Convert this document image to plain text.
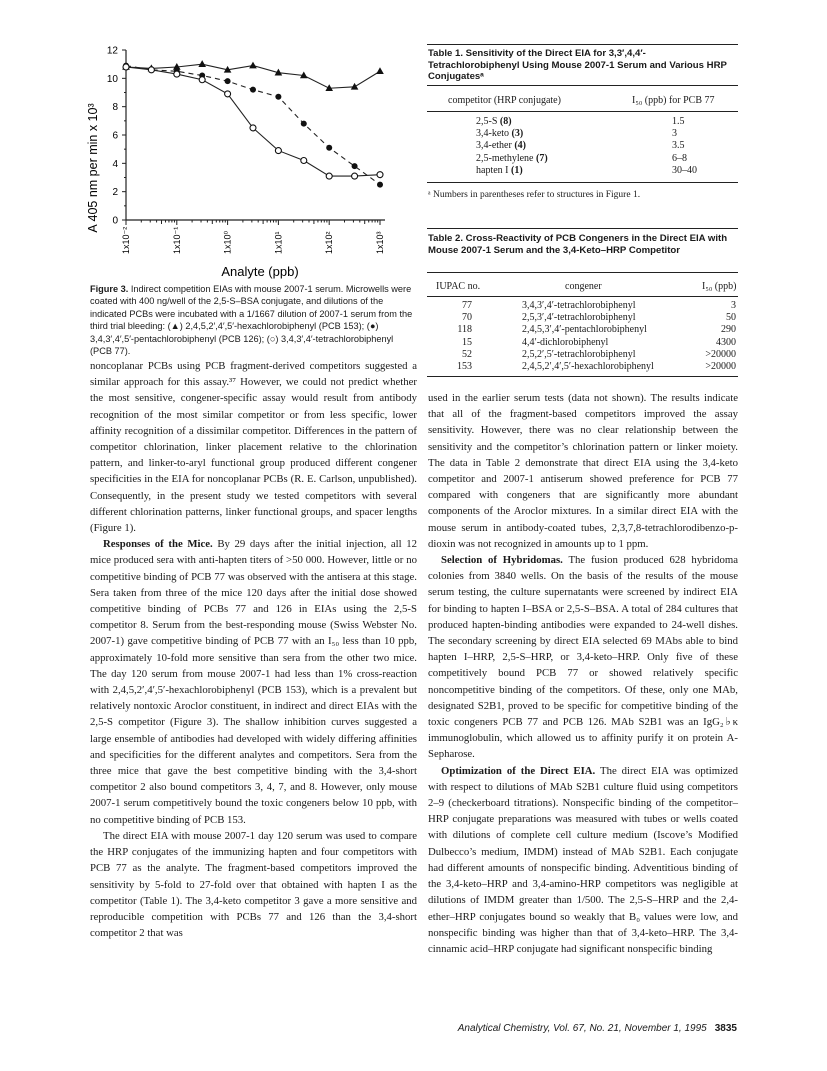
0
2
4
6
8
10
12
1x10⁻²	1x10⁻¹	1x10⁰	1x10¹	1x10²	1x10³
A 405 nm per min x 10³
Analyte (ppb)
Figure 3. Indirect competition EIAs with mouse 2007-1 serum. Microwells were coated with 400 ng/well of the 2,5-S–BSA conjugate, and dilutions of the indicated PCBs were incubated with a 1/1667 dilution of 2007-1 serum from the third trial bleeding: (▲) 2,4,5,2′,4′,5′-hexachlorobiphenyl (PCB 153); (●) 3,4,3′,4′,5′-pentachlorobiphenyl (PCB 126); (○) 3,4,3′,4′-tetrachlorobiphenyl (PCB 77).
Table 1. Sensitivity of the Direct EIA for 3,3′,4,4′-Tetrachlorobiphenyl Using Mouse 2007-1 Serum and Various HRP Conjugatesᵃ
competitor (HRP conjugate)	I₅₀ (ppb) for PCB 77
2,5-S (8)	1.5
3,4-keto (3)	3
3,4-ether (4)	3.5
2,5-methylene (7)	6–8
hapten I (1)	30–40
ᵃ Numbers in parentheses refer to structures in Figure 1.
Table 2. Cross-Reactivity of PCB Congeners in the Direct EIA with Mouse 2007-1 Serum and the 3,4-Keto–HRP Competitor
IUPAC no.	congener	I₅₀ (ppb)
77	3,4,3′,4′-tetrachlorobiphenyl	3
70	2,5,3′,4′-tetrachlorobiphenyl	50
118	2,4,5,3′,4′-pentachlorobiphenyl	290
15	4,4′-dichlorobiphenyl	4300
52	2,5,2′,5′-tetrachlorobiphenyl	>20000
153	2,4,5,2′,4′,5′-hexachlorobiphenyl	>20000

noncoplanar PCBs using PCB fragment-derived competitors suggested a similar approach for this assay.³⁷ However, we could not predict whether the most sensitive, congener-specific assay would result from antibody recognition of the most similar competitor or from less specific, lower affinity recognition of a dissimilar competitor. Differences in the pattern of competitor chlorination, linker placement relative to the chlorination pattern, and linker-to-aryl functional group produced different congener specificities in the EIA for noncoplanar PCBs (R. E. Carlson, unpublished). Consequently, in the present study we tested competitors with several different chlorination patterns, linker functional groups, and spacer lengths (Figure 1).

Responses of the Mice. By 29 days after the initial injection, all 12 mice produced sera with anti-hapten titers of >50 000. However, little or no competitive binding of PCB 77 was observed with the antisera at this stage. Sera taken from three of the mice 120 days after the initial dose showed competitive binding of PCBs 77 and 126 in EIAs using the 2,5-S competitor 8. Serum from the best-responding mouse (Swiss Webster No. 2007-1) gave competitive binding of PCB 77 with an I₅₀ less than 10 ppb, approximately 10-fold more sensitive than sera from the other two mice. The day 120 serum from mouse 2007-1 had less than 1% cross-reaction with 2,4,5,2′,4′,5′-hexachlorobiphenyl (PCB 153), which is a prevalent but relatively nontoxic Aroclor constituent, in indirect and direct EIAs with the 2,5-S competitor (Figure 3). The shallow inhibition curves suggested a large ensemble of antibodies had developed with widely differing affinities and specificities for the different analytes and competitors. Sera from the three mice that gave the best competitive binding with the 3,4-short competitor 2 also bound competitors 3, 4, 7, and 8. However, only mouse 2007-1 serum competitively bound the toxic congeners below 10 ppb, with no competitive binding of PCB 153.

The direct EIA with mouse 2007-1 day 120 serum was used to compare the HRP conjugates of the immunizing hapten and four competitors with PCB 77 as the analyte. The fragment-based competitors improved the sensitivity by 5-fold to 27-fold over that obtained with hapten I as the competitor (Table 1). The 3,4-keto competitor 3 gave a more sensitive and reproducible competition with PCBs 77 and 126 than the 3,4-short competitor 2 that was

used in the earlier serum tests (data not shown). The results indicate that all of the fragment-based competitors improved the assay sensitivity. However, there was no clear relationship between the sensitivity and the competitor’s chlorination pattern or linker moiety. The data in Table 2 demonstrate that direct EIA using the 3,4-keto competitor and 2007-1 antiserum showed preference for PCB 77 compared with congeners that are significantly more abundant components of the Aroclor mixtures. In a similar direct EIA with the mouse serum in antibody-coated tubes, 2,3,7,8-tetrachlorodibenzo-p-dioxin was not recognized in amounts up to 1 ppm.

Selection of Hybridomas. The fusion produced 628 hybridoma colonies from 3840 wells. On the basis of the results of the mouse serum testing, the culture supernatants were screened by indirect EIA for binding to hapten I–BSA or 2,5-S–BSA. A total of 284 cultures that produced hapten-binding antibodies were expanded to 24-well dishes. The secondary screening by direct EIA selected 69 MAbs able to bind hapten I–HRP, 2,5-S–HRP, or 3,4-keto–HRP. Only five of these competitively bound PCB 77 or showed relatively specific noncompetitive binding of the competitors. Of these, only one MAb, designated S2B1, proved to be specific for competitive binding of the toxic congeners PCB 77 and PCB 126. MAb S2B1 was an IgG₂♭κ immunoglobulin, which allowed us to affinity purify it on protein A-Sepharose.

Optimization of the Direct EIA. The direct EIA was optimized with respect to dilutions of MAb S2B1 culture fluid using competitors 2–9 (checkerboard titrations). Nonspecific binding of the competitor–HRP conjugate preparations was measured with tubes or wells coated with dilutions of complete cell culture medium (Iscove’s Modified Dulbecco’s medium, IMDM) instead of MAb S2B1. Each conjugate had different amounts of nonspecific binding. Adventitious binding of the 3,4-keto–HRP and 3,4-amino-HRP competitors was negligible at dilutions of IMDM greater than 1/500. The 2,5-S–HRP and the 2,4-ether–HRP conjugates bound so weakly that B₀ values were low, and nonspecific binding was higher than that of 3,4-keto–HRP. The 3,4-cinnamic acid–HRP conjugate had significant nonspecific binding

Analytical Chemistry, Vol. 67, No. 21, November 1, 1995 3835
